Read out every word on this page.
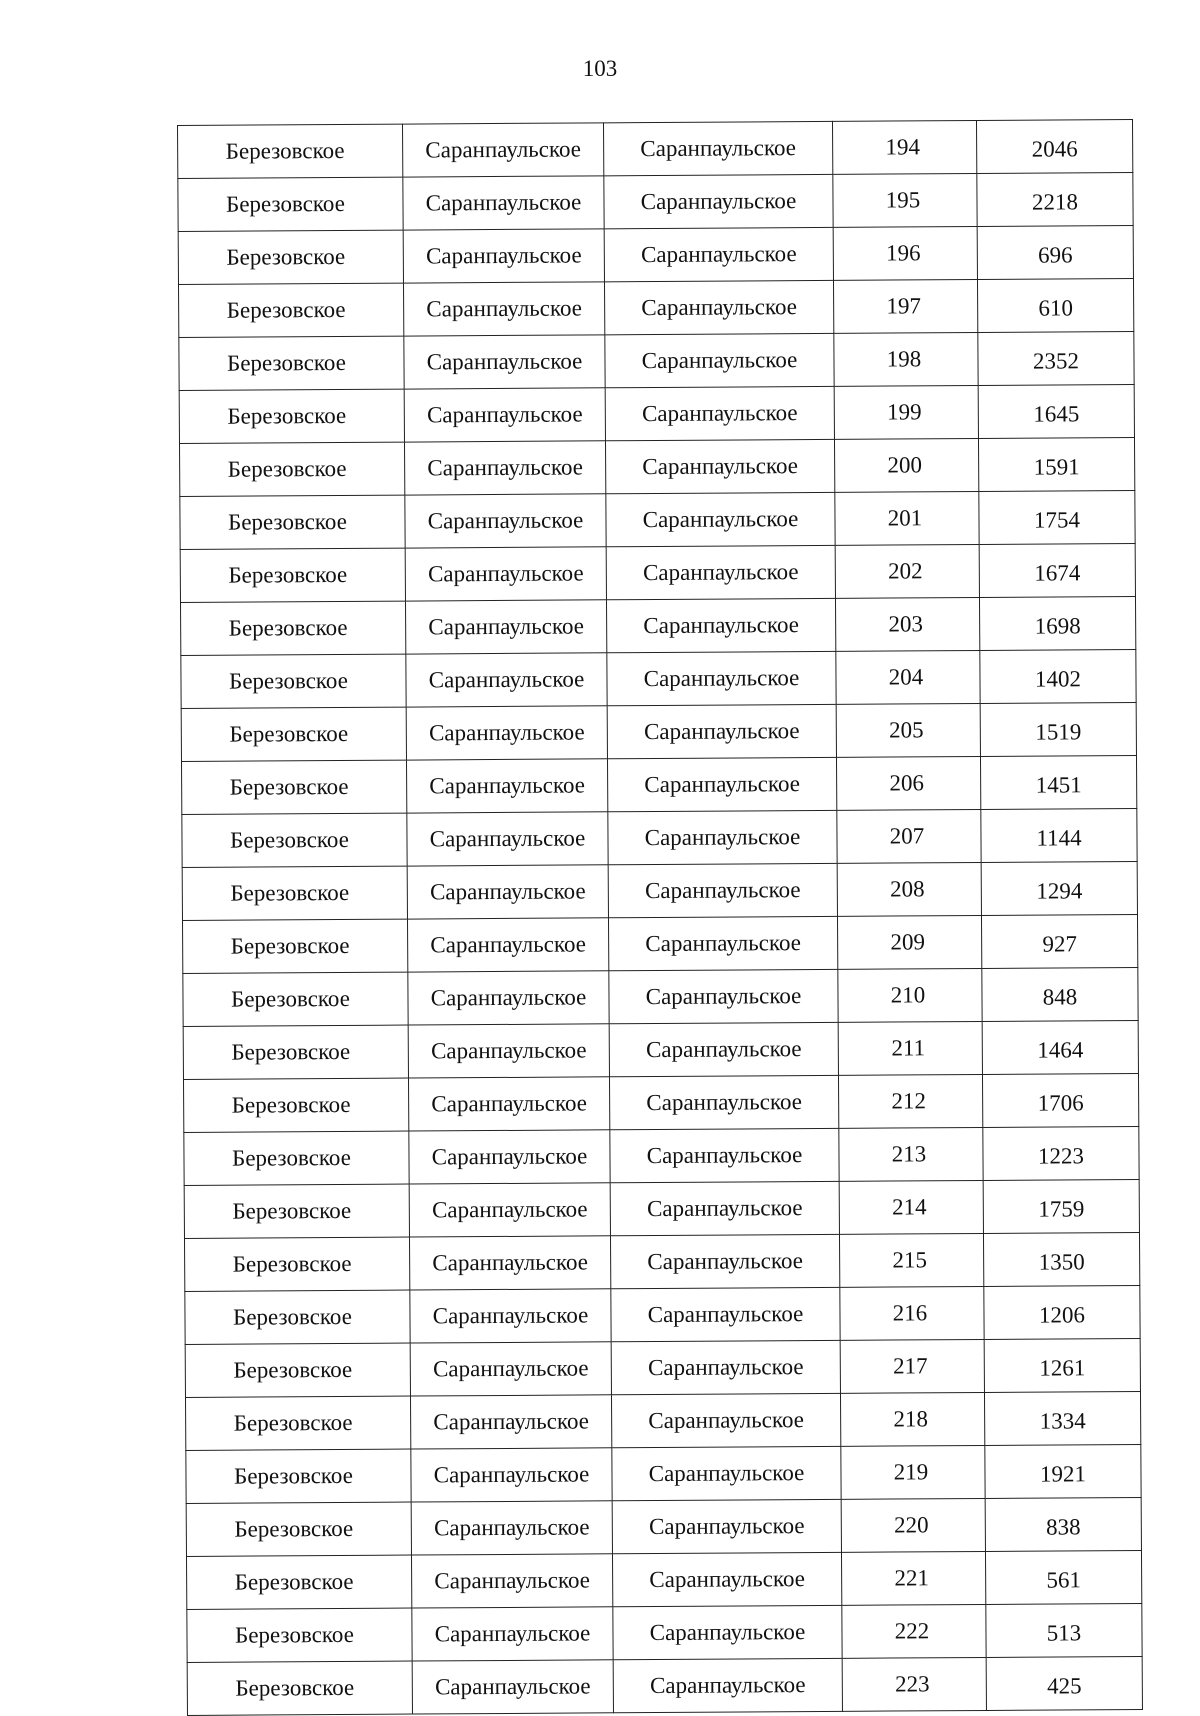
103
Березовское	Саранпаульское	Саранпаульское	194	2046
Березовское	Саранпаульское	Саранпаульское	195	2218
Березовское	Саранпаульское	Саранпаульское	196	696
Березовское	Саранпаульское	Саранпаульское	197	610
Березовское	Саранпаульское	Саранпаульское	198	2352
Березовское	Саранпаульское	Саранпаульское	199	1645
Березовское	Саранпаульское	Саранпаульское	200	1591
Березовское	Саранпаульское	Саранпаульское	201	1754
Березовское	Саранпаульское	Саранпаульское	202	1674
Березовское	Саранпаульское	Саранпаульское	203	1698
Березовское	Саранпаульское	Саранпаульское	204	1402
Березовское	Саранпаульское	Саранпаульское	205	1519
Березовское	Саранпаульское	Саранпаульское	206	1451
Березовское	Саранпаульское	Саранпаульское	207	1144
Березовское	Саранпаульское	Саранпаульское	208	1294
Березовское	Саранпаульское	Саранпаульское	209	927
Березовское	Саранпаульское	Саранпаульское	210	848
Березовское	Саранпаульское	Саранпаульское	211	1464
Березовское	Саранпаульское	Саранпаульское	212	1706
Березовское	Саранпаульское	Саранпаульское	213	1223
Березовское	Саранпаульское	Саранпаульское	214	1759
Березовское	Саранпаульское	Саранпаульское	215	1350
Березовское	Саранпаульское	Саранпаульское	216	1206
Березовское	Саранпаульское	Саранпаульское	217	1261
Березовское	Саранпаульское	Саранпаульское	218	1334
Березовское	Саранпаульское	Саранпаульское	219	1921
Березовское	Саранпаульское	Саранпаульское	220	838
Березовское	Саранпаульское	Саранпаульское	221	561
Березовское	Саранпаульское	Саранпаульское	222	513
Березовское	Саранпаульское	Саранпаульское	223	425
